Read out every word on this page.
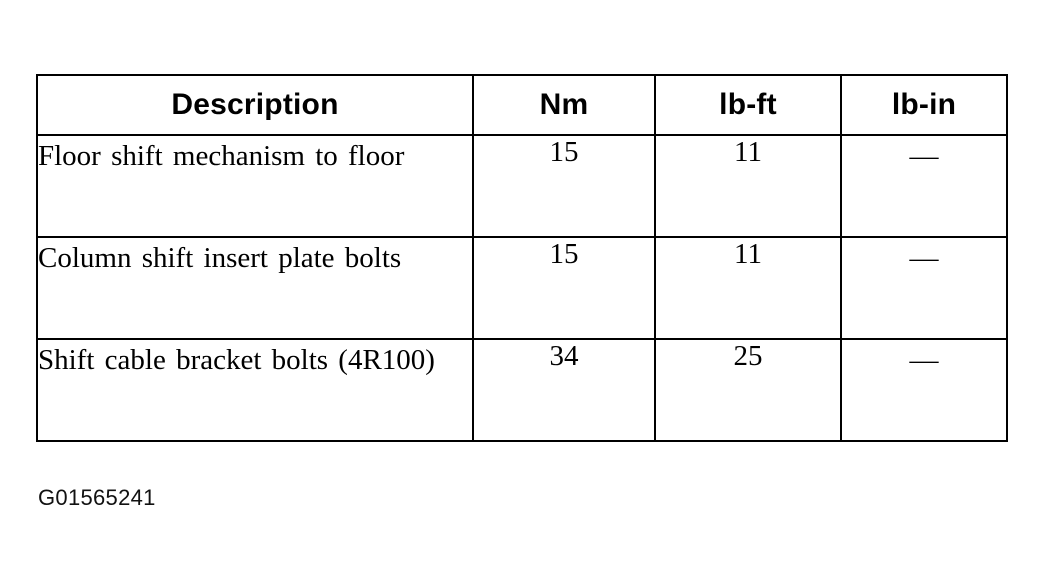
Description	Nm	lb-ft	lb-in
Floor shift mechanism to floor	15	11	—
Column shift insert plate bolts	15	11	—
Shift cable bracket bolts (4R100)	34	25	—
G01565241
